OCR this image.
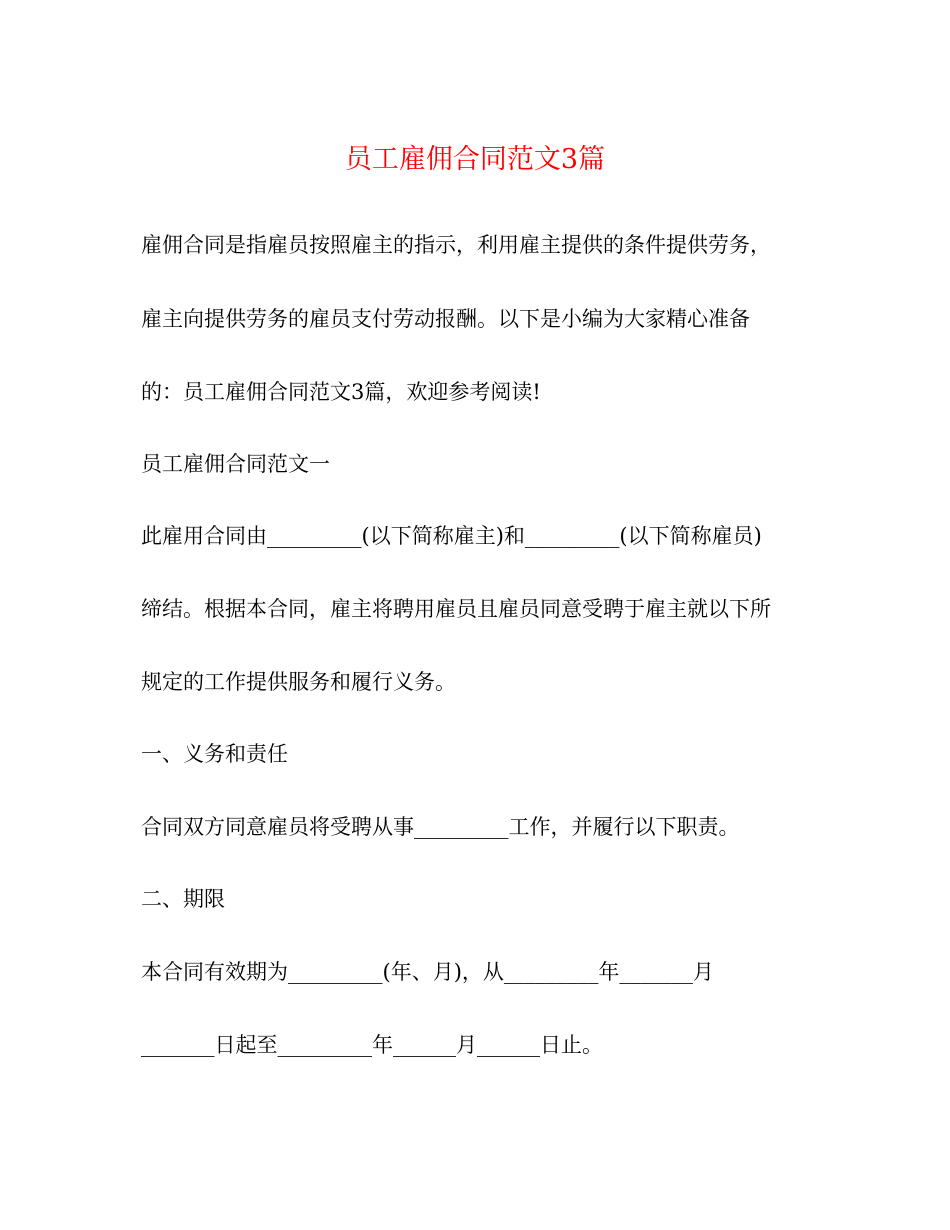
员工雇佣合同范文3篇
雇佣合同是指雇员按照雇主的指示，利用雇主提供的条件提供劳务，
雇主向提供劳务的雇员支付劳动报酬。以下是小编为大家精心准备
的：员工雇佣合同范文3篇，欢迎参考阅读!
员工雇佣合同范文一
此雇用合同由_________(以下简称雇主)和_________(以下简称雇员)
缔结。根据本合同，雇主将聘用雇员且雇员同意受聘于雇主就以下所
规定的工作提供服务和履行义务。
一、义务和责任
合同双方同意雇员将受聘从事_________工作，并履行以下职责。
二、期限
本合同有效期为_________(年、月)，从_________年_______月
_______日起至_________年______月______日止。
